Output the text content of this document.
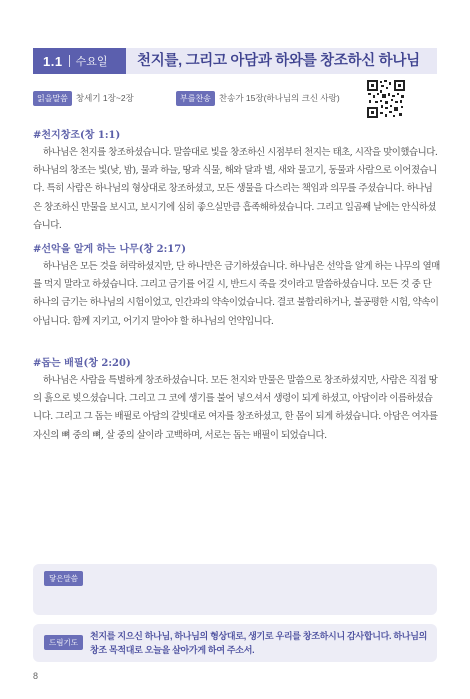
1.1 수요일 천지를, 그리고 아담과 하와를 창조하신 하나님
읽을말씀 창세기 1장~2장	부를찬송 찬송가 15장(하나님의 크신 사랑)
#천지창조(창 1:1)

하나님은 천지를 창조하셨습니다. 말씀대로 빛을 창조하신 시점부터 천지는 태초, 시작을 맞이했습니다. 하나님의 창조는 빛(낮, 밤), 물과 하늘, 땅과 식물, 해와 달과 별, 새와 물고기, 동물과 사람으로 이어졌습니다. 특히 사람은 하나님의 형상대로 창조하셨고, 모든 생물을 다스리는 책임과 의무를 주셨습니다. 하나님은 창조하신 만물을 보시고, 보시기에 심히 좋으실만큼 흡족해하셨습니다. 그리고 일곱째 날에는 안식하셨습니다.

#선악을 알게 하는 나무(창 2:17)

하나님은 모든 것을 허락하셨지만, 단 하나만은 금기하셨습니다. 하나님은 선악을 알게 하는 나무의 열매를 먹지 말라고 하셨습니다. 그리고 금기를 어길 시, 반드시 죽을 것이라고 말씀하셨습니다. 모든 것 중 단 하나의 금기는 하나님의 시험이었고, 인간과의 약속이었습니다. 결코 불합리하거나, 불공평한 시험, 약속이 아닙니다. 함께 지키고, 어기지 말아야 할 하나님의 언약입니다.

#돕는 배필(창 2:20)

하나님은 사람을 특별하게 창조하셨습니다. 모든 천지와 만물은 말씀으로 창조하셨지만, 사람은 직접 땅의 흙으로 빚으셨습니다. 그리고 그 코에 생기를 불어 넣으셔서 생령이 되게 하셨고, 아담이라 이름하셨습니다. 그리고 그 돕는 배필로 아담의 갈빗대로 여자를 창조하셨고, 한 몸이 되게 하셨습니다. 아담은 여자를 자신의 뼈 중의 뼈, 살 중의 살이라 고백하며, 서로는 돕는 배필이 되었습니다.

닿은말씀
드림기도

천지를 지으신 하나님, 하나님의 형상대로, 생기로 우리를 창조하시니 감사합니다. 하나님의 창조 목적대로 오늘을 살아가게 하여 주소서.

8
